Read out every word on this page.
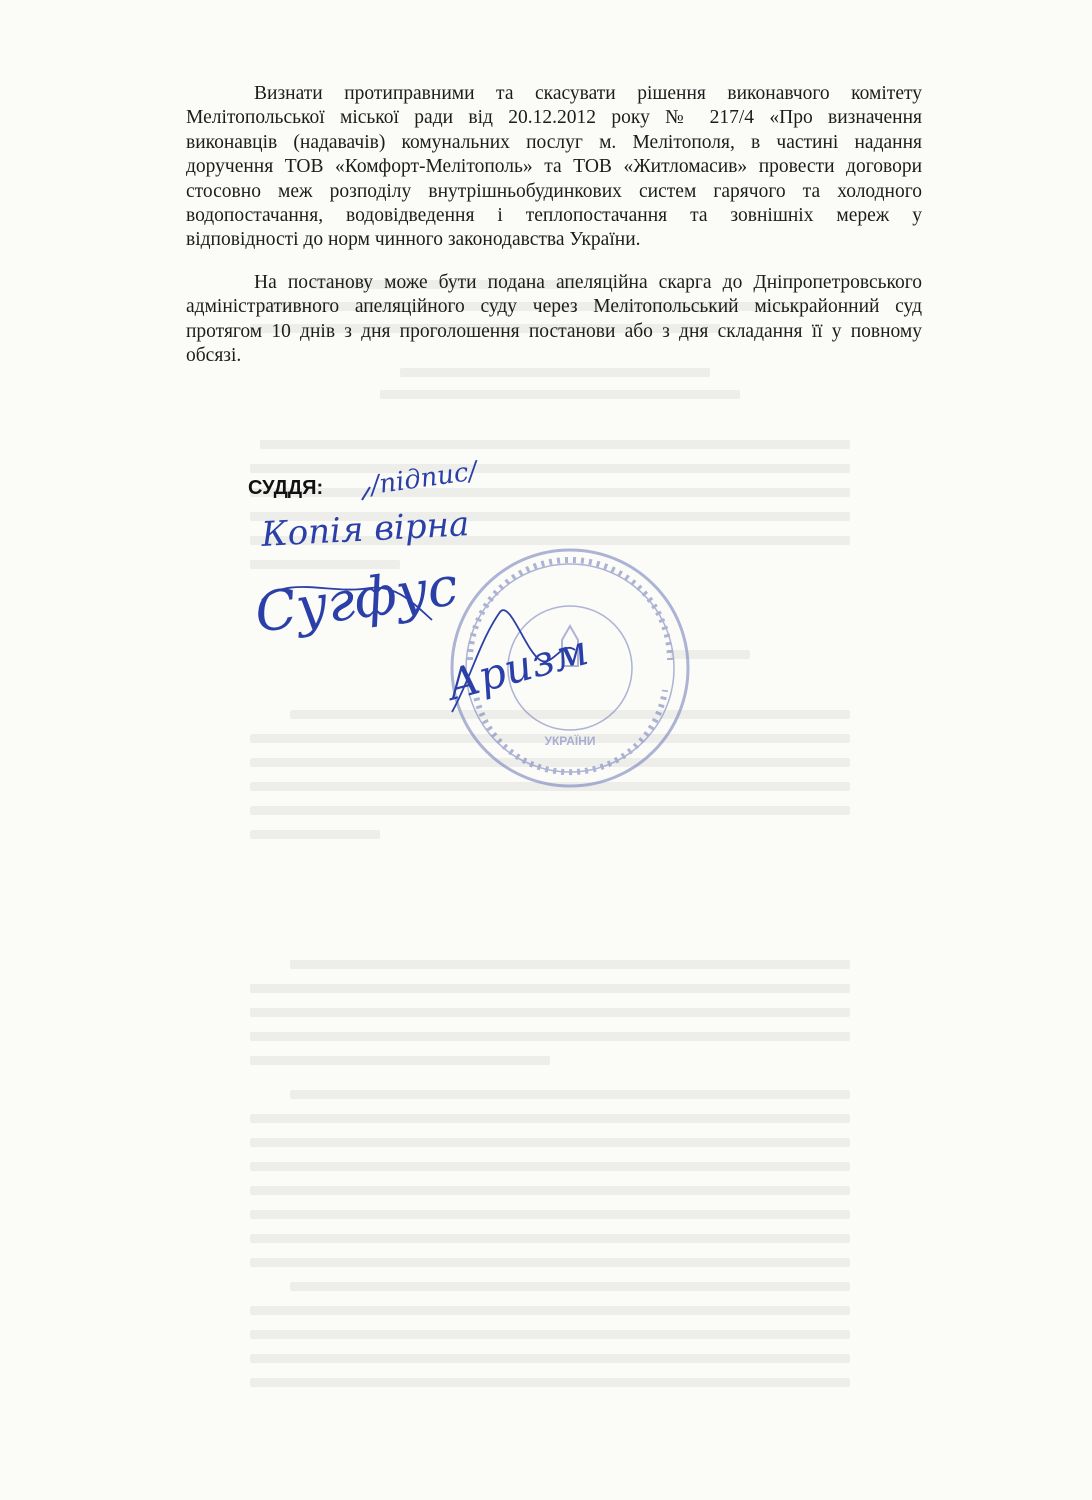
Визнати протиправними та скасувати рішення виконавчого комітету
Мелітопольської міської ради від 20.12.2012 року № 217/4 «Про визначення
виконавців (надавачів) комунальних послуг м. Мелітополя, в частині надання
доручення ТОВ «Комфорт-Мелітополь» та ТОВ «Житломасив» провести договори
стосовно меж розподілу внутрішньобудинкових систем гарячого та холодного
водопостачання, водовідведення і теплопостачання та зовнішніх мереж у
відповідності до норм чинного законодавства України.

На постанову може бути подана апеляційна скарга до Дніпропетровського
адміністративного апеляційного суду через Мелітопольський міськрайонний суд
протягом 10 днів з дня проголошення постанови або з дня складання її у повному
обсязі.

СУДДЯ:
УКРАЇНИ
/підпис/
Копія вірна
Сугфус
Аризм
